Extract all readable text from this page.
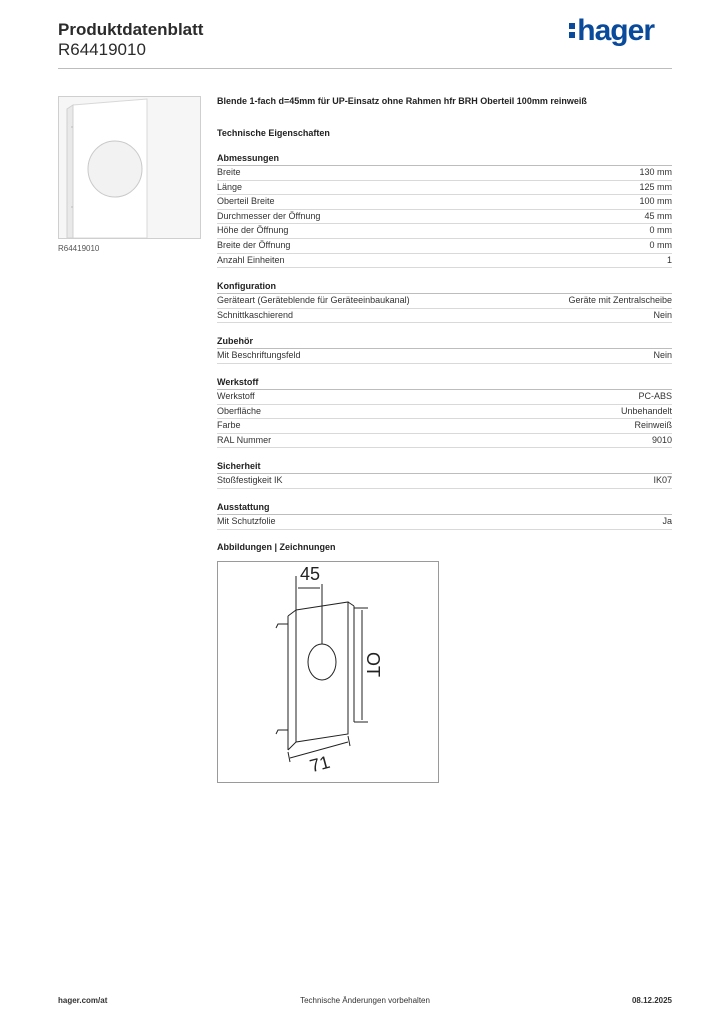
Produktdatenblatt
R64419010
hager
R64419010
Blende 1-fach d=45mm für UP-Einsatz ohne Rahmen hfr BRH Oberteil 100mm reinweiß
Technische Eigenschaften
Abmessungen
Breite	130 mm
Länge	125 mm
Oberteil Breite	100 mm
Durchmesser der Öffnung	45 mm
Höhe der Öffnung	0 mm
Breite der Öffnung	0 mm
Anzahl Einheiten	1
Konfiguration
Geräteart (Geräteblende für Geräteeinbaukanal)	Geräte mit Zentralscheibe
Schnittkaschierend	Nein
Zubehör
Mit Beschriftungsfeld	Nein
Werkstoff
Werkstoff	PC-ABS
Oberfläche	Unbehandelt
Farbe	Reinweiß
RAL Nummer	9010
Sicherheit
Stoßfestigkeit IK	IK07
Ausstattung
Mit Schutzfolie	Ja
Abbildungen | Zeichnungen
45
OT
71
hager.com/at	Technische Änderungen vorbehalten	08.12.2025
